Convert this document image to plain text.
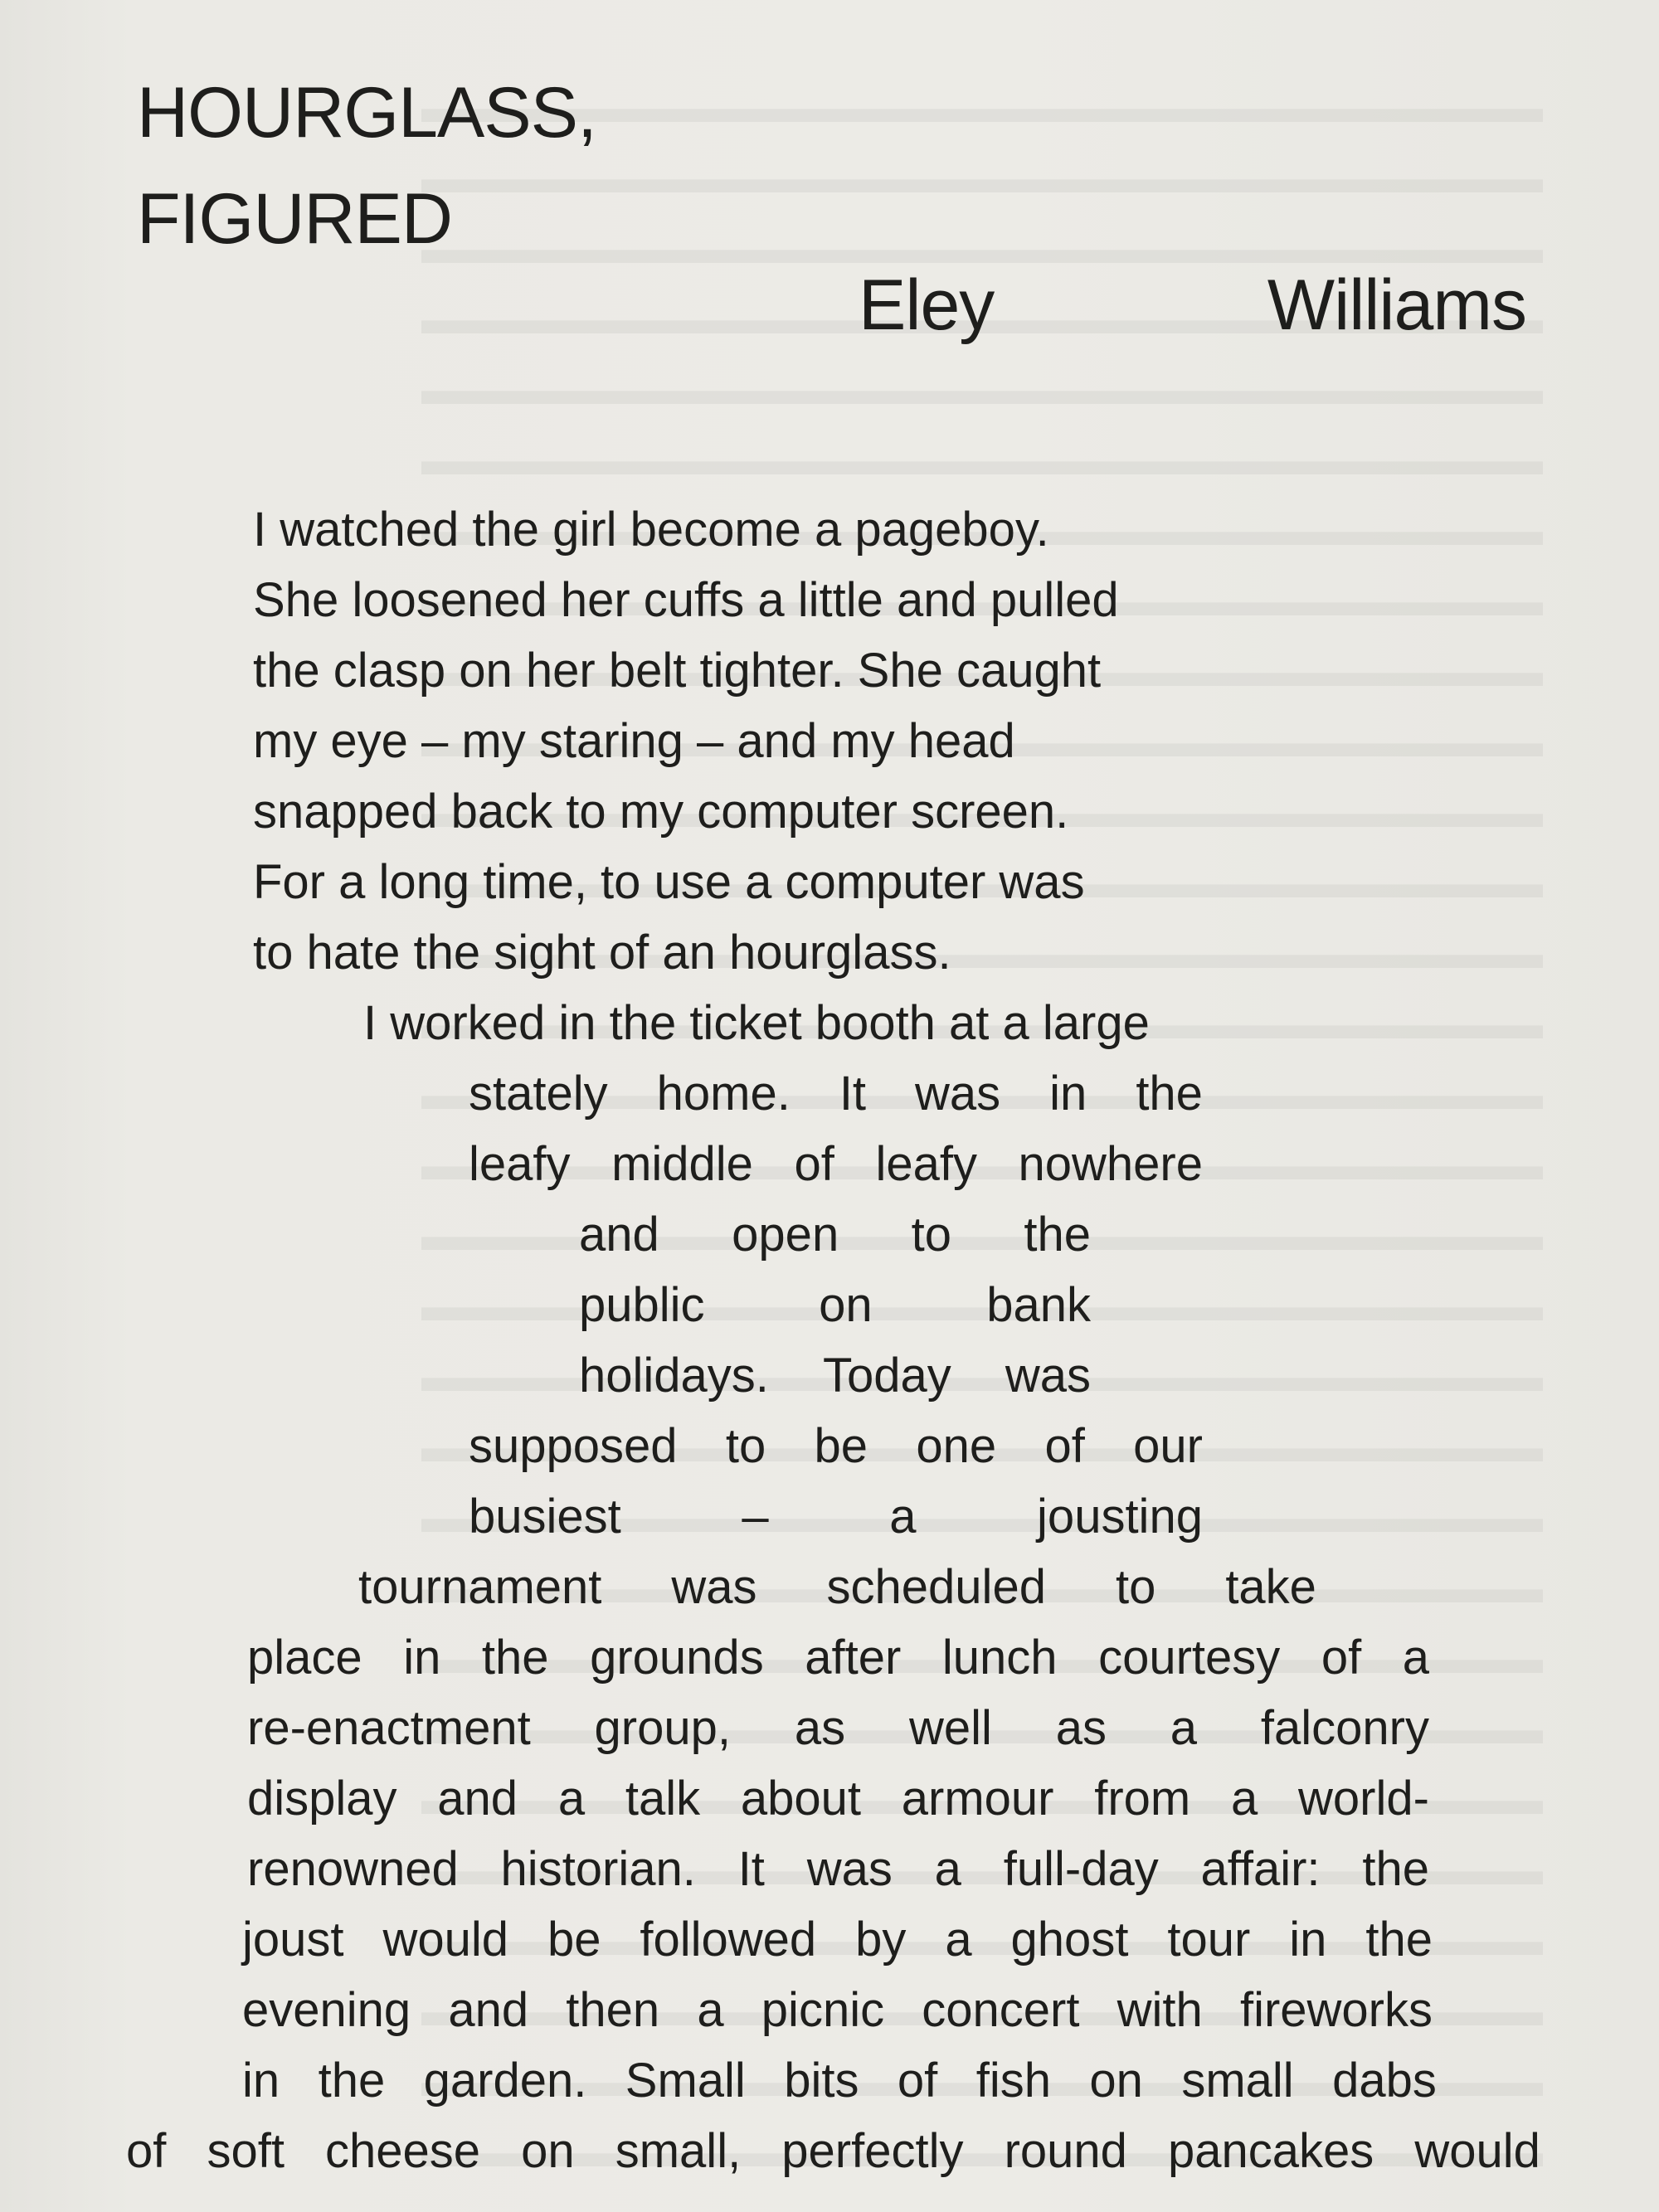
HOURGLASS,
FIGURED
Eley	Williams
I watched the girl become a pageboy.
She loosened her cuffs a little and pulled
the clasp on her belt tighter. She caught
my eye – my staring – and my head
snapped back to my computer screen.
For a long time, to use a computer was
to hate the sight of an hourglass.
I worked in the ticket booth at a large
stately home. It was in the
leafy middle of leafy nowhere
and open to the
public on bank
holidays. Today was
supposed to be one of our
busiest	–	a	jousting
tournament was scheduled to take
place in the grounds after lunch courtesy of a
re-enactment group, as well as a falconry
display and a talk about armour from a world-
renowned historian. It was a full-day affair: the
joust would be followed by a ghost tour in the
evening and then a picnic concert with fireworks
in the garden. Small bits of fish on small dabs
of soft cheese on small, perfectly round pancakes would
